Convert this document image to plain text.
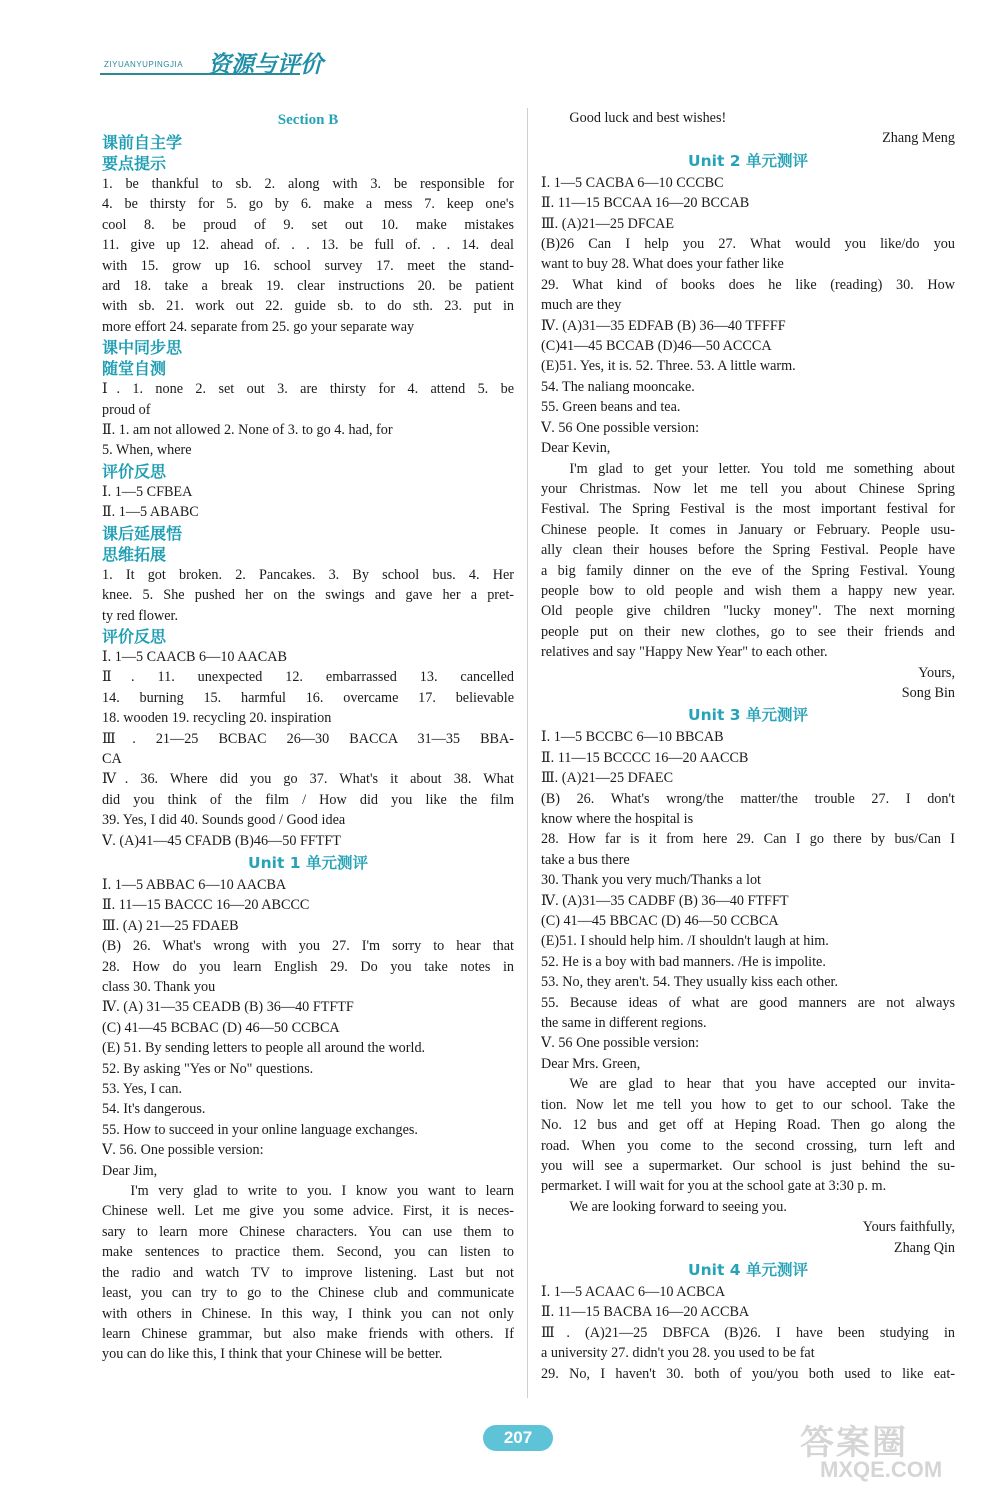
ZIYUANYUPINGJIA 资源与评价
Section B
课前自主学
要点提示
1. be thankful to sb. 2. along with 3. be responsible for
4. be thirsty for 5. go by 6. make a mess 7. keep one's
cool 8. be proud of 9. set out 10. make mistakes
11. give up 12. ahead of. . . 13. be full of. . . 14. deal
with 15. grow up 16. school survey 17. meet the stand-
ard 18. take a break 19. clear instructions 20. be patient
with sb. 21. work out 22. guide sb. to do sth. 23. put in
more effort 24. separate from 25. go your separate way
课中同步思
随堂自测
Ⅰ. 1. none 2. set out 3. are thirsty for 4. attend 5. be
proud of
Ⅱ. 1. am not allowed 2. None of 3. to go 4. had, for
5. When, where
评价反思
Ⅰ. 1—5 CFBEA
Ⅱ. 1—5 ABABC
课后延展悟
思维拓展
1. It got broken. 2. Pancakes. 3. By school bus. 4. Her
knee. 5. She pushed her on the swings and gave her a pret-
ty red flower.
评价反思
Ⅰ. 1—5 CAACB 6—10 AACAB
Ⅱ. 11. unexpected 12. embarrassed 13. cancelled
14. burning 15. harmful 16. overcame 17. believable
18. wooden 19. recycling 20. inspiration
Ⅲ. 21—25 BCBAC 26—30 BACCA 31—35 BBA-
CA
Ⅳ. 36. Where did you go 37. What's it about 38. What
did you think of the film / How did you like the film
39. Yes, I did 40. Sounds good / Good idea
Ⅴ. (A)41—45 CFADB (B)46—50 FFTFT
Unit 1 单元测评
Ⅰ. 1—5 ABBAC 6—10 AACBA
Ⅱ. 11—15 BACCC 16—20 ABCCC
Ⅲ. (A) 21—25 FDAEB
(B) 26. What's wrong with you 27. I'm sorry to hear that
28. How do you learn English 29. Do you take notes in
class 30. Thank you
Ⅳ. (A) 31—35 CEADB (B) 36—40 FTFTF
(C) 41—45 BCBAC (D) 46—50 CCBCA
(E) 51. By sending letters to people all around the world.
52. By asking "Yes or No" questions.
53. Yes, I can.
54. It's dangerous.
55. How to succeed in your online language exchanges.
Ⅴ. 56. One possible version:
Dear Jim,
I'm very glad to write to you. I know you want to learn
Chinese well. Let me give you some advice. First, it is neces-
sary to learn more Chinese characters. You can use them to
make sentences to practice them. Second, you can listen to
the radio and watch TV to improve listening. Last but not
least, you can try to go to the Chinese club and communicate
with others in Chinese. In this way, I think you can not only
learn Chinese grammar, but also make friends with others. If
you can do like this, I think that your Chinese will be better.
Good luck and best wishes!
Zhang Meng
Unit 2 单元测评
Ⅰ. 1—5 CACBA 6—10 CCCBC
Ⅱ. 11—15 BCCAA 16—20 BCCAB
Ⅲ. (A)21—25 DFCAE
(B)26 Can I help you 27. What would you like/do you
want to buy 28. What does your father like
29. What kind of books does he like (reading) 30. How
much are they
Ⅳ. (A)31—35 EDFAB (B) 36—40 TFFFF
(C)41—45 BCCAB (D)46—50 ACCCA
(E)51. Yes, it is. 52. Three. 53. A little warm.
54. The naliang mooncake.
55. Green beans and tea.
Ⅴ. 56 One possible version:
Dear Kevin,
I'm glad to get your letter. You told me something about
your Christmas. Now let me tell you about Chinese Spring
Festival. The Spring Festival is the most important festival for
Chinese people. It comes in January or February. People usu-
ally clean their houses before the Spring Festival. People have
a big family dinner on the eve of the Spring Festival. Young
people bow to old people and wish them a happy new year.
Old people give children "lucky money". The next morning
people put on their new clothes, go to see their friends and
relatives and say "Happy New Year" to each other.
Yours,
Song Bin
Unit 3 单元测评
Ⅰ. 1—5 BCCBC 6—10 BBCAB
Ⅱ. 11—15 BCCCC 16—20 AACCB
Ⅲ. (A)21—25 DFAEC
(B) 26. What's wrong/the matter/the trouble 27. I don't
know where the hospital is
28. How far is it from here 29. Can I go there by bus/Can I
take a bus there
30. Thank you very much/Thanks a lot
Ⅳ. (A)31—35 CADBF (B) 36—40 FTFFT
(C) 41—45 BBCAC (D) 46—50 CCBCA
(E)51. I should help him. /I shouldn't laugh at him.
52. He is a boy with bad manners. /He is impolite.
53. No, they aren't. 54. They usually kiss each other.
55. Because ideas of what are good manners are not always
the same in different regions.
Ⅴ. 56 One possible version:
Dear Mrs. Green,
We are glad to hear that you have accepted our invita-
tion. Now let me tell you how to get to our school. Take the
No. 12 bus and get off at Heping Road. Then go along the
road. When you come to the second crossing, turn left and
you will see a supermarket. Our school is just behind the su-
permarket. I will wait for you at the school gate at 3:30 p. m.
We are looking forward to seeing you.
Yours faithfully,
Zhang Qin
Unit 4 单元测评
Ⅰ. 1—5 ACAAC 6—10 ACBCA
Ⅱ. 11—15 BACBA 16—20 ACCBA
Ⅲ. (A)21—25 DBFCA (B)26. I have been studying in
a university 27. didn't you 28. you used to be fat
29. No, I haven't 30. both of you/you both used to like eat-
207	答案圈
MXQE.COM
